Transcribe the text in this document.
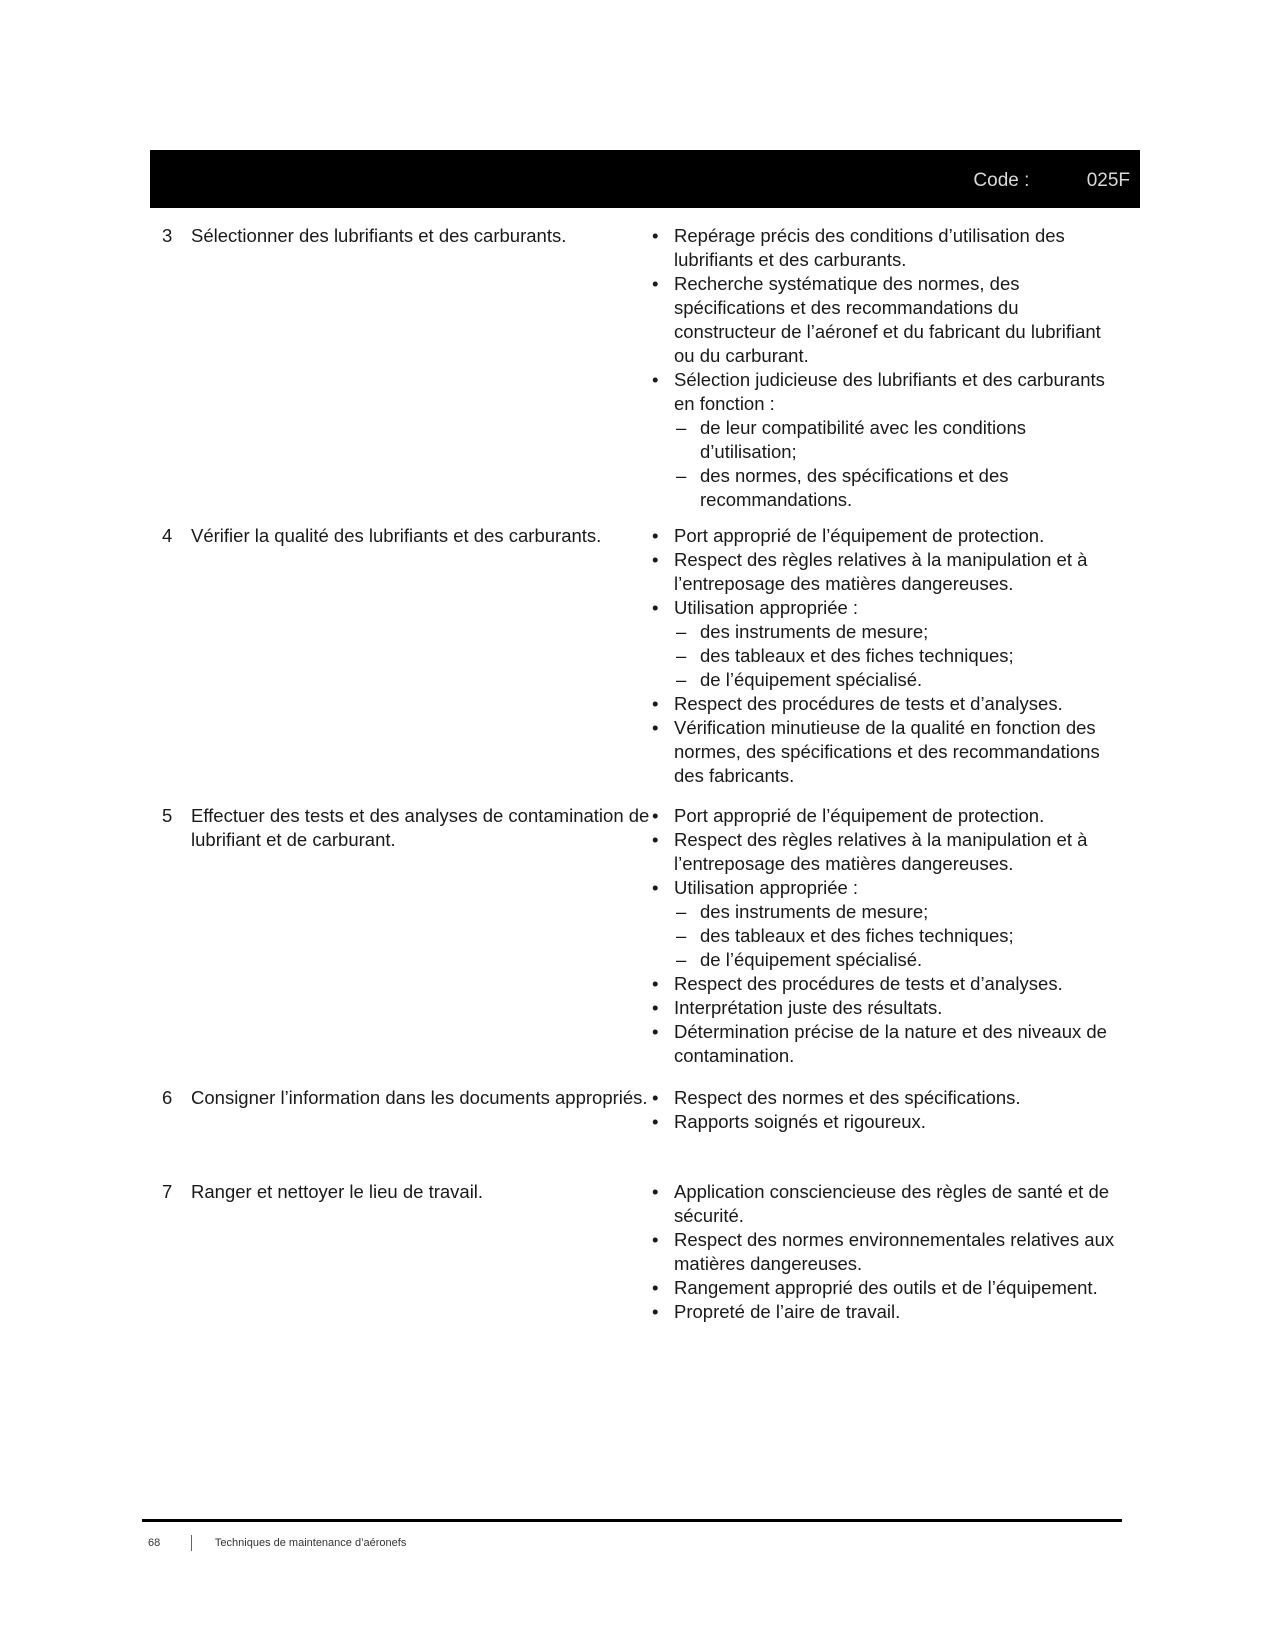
Code :	025F
3 Sélectionner des lubrifiants et des carburants.	• Repérage précis des conditions d’utilisation des lubrifiants et des carburants.
• Recherche systématique des normes, des spécifications et des recommandations du constructeur de l’aéronef et du fabricant du lubrifiant ou du carburant.
• Sélection judicieuse des lubrifiants et des carburants en fonction :
– de leur compatibilité avec les conditions d’utilisation;
– des normes, des spécifications et des recommandations.
4 Vérifier la qualité des lubrifiants et des carburants.	• Port approprié de l’équipement de protection.
• Respect des règles relatives à la manipulation et à l’entreposage des matières dangereuses.
• Utilisation appropriée :
– des instruments de mesure;
– des tableaux et des fiches techniques;
– de l’équipement spécialisé.
• Respect des procédures de tests et d’analyses.
• Vérification minutieuse de la qualité en fonction des normes, des spécifications et des recommandations des fabricants.
5 Effectuer des tests et des analyses de contamination de lubrifiant et de carburant.
• Port approprié de l’équipement de protection.
• Respect des règles relatives à la manipulation et à l’entreposage des matières dangereuses.
• Utilisation appropriée :
– des instruments de mesure;
– des tableaux et des fiches techniques;
– de l’équipement spécialisé.
• Respect des procédures de tests et d’analyses.
• Interprétation juste des résultats.
• Détermination précise de la nature et des niveaux de contamination.
6 Consigner l’information dans les documents appropriés.	• Respect des normes et des spécifications.
• Rapports soignés et rigoureux.
7 Ranger et nettoyer le lieu de travail.	• Application consciencieuse des règles de santé et de sécurité.
• Respect des normes environnementales relatives aux matières dangereuses.
• Rangement approprié des outils et de l’équipement.
• Propreté de l’aire de travail.
68	Techniques de maintenance d’aéronefs
